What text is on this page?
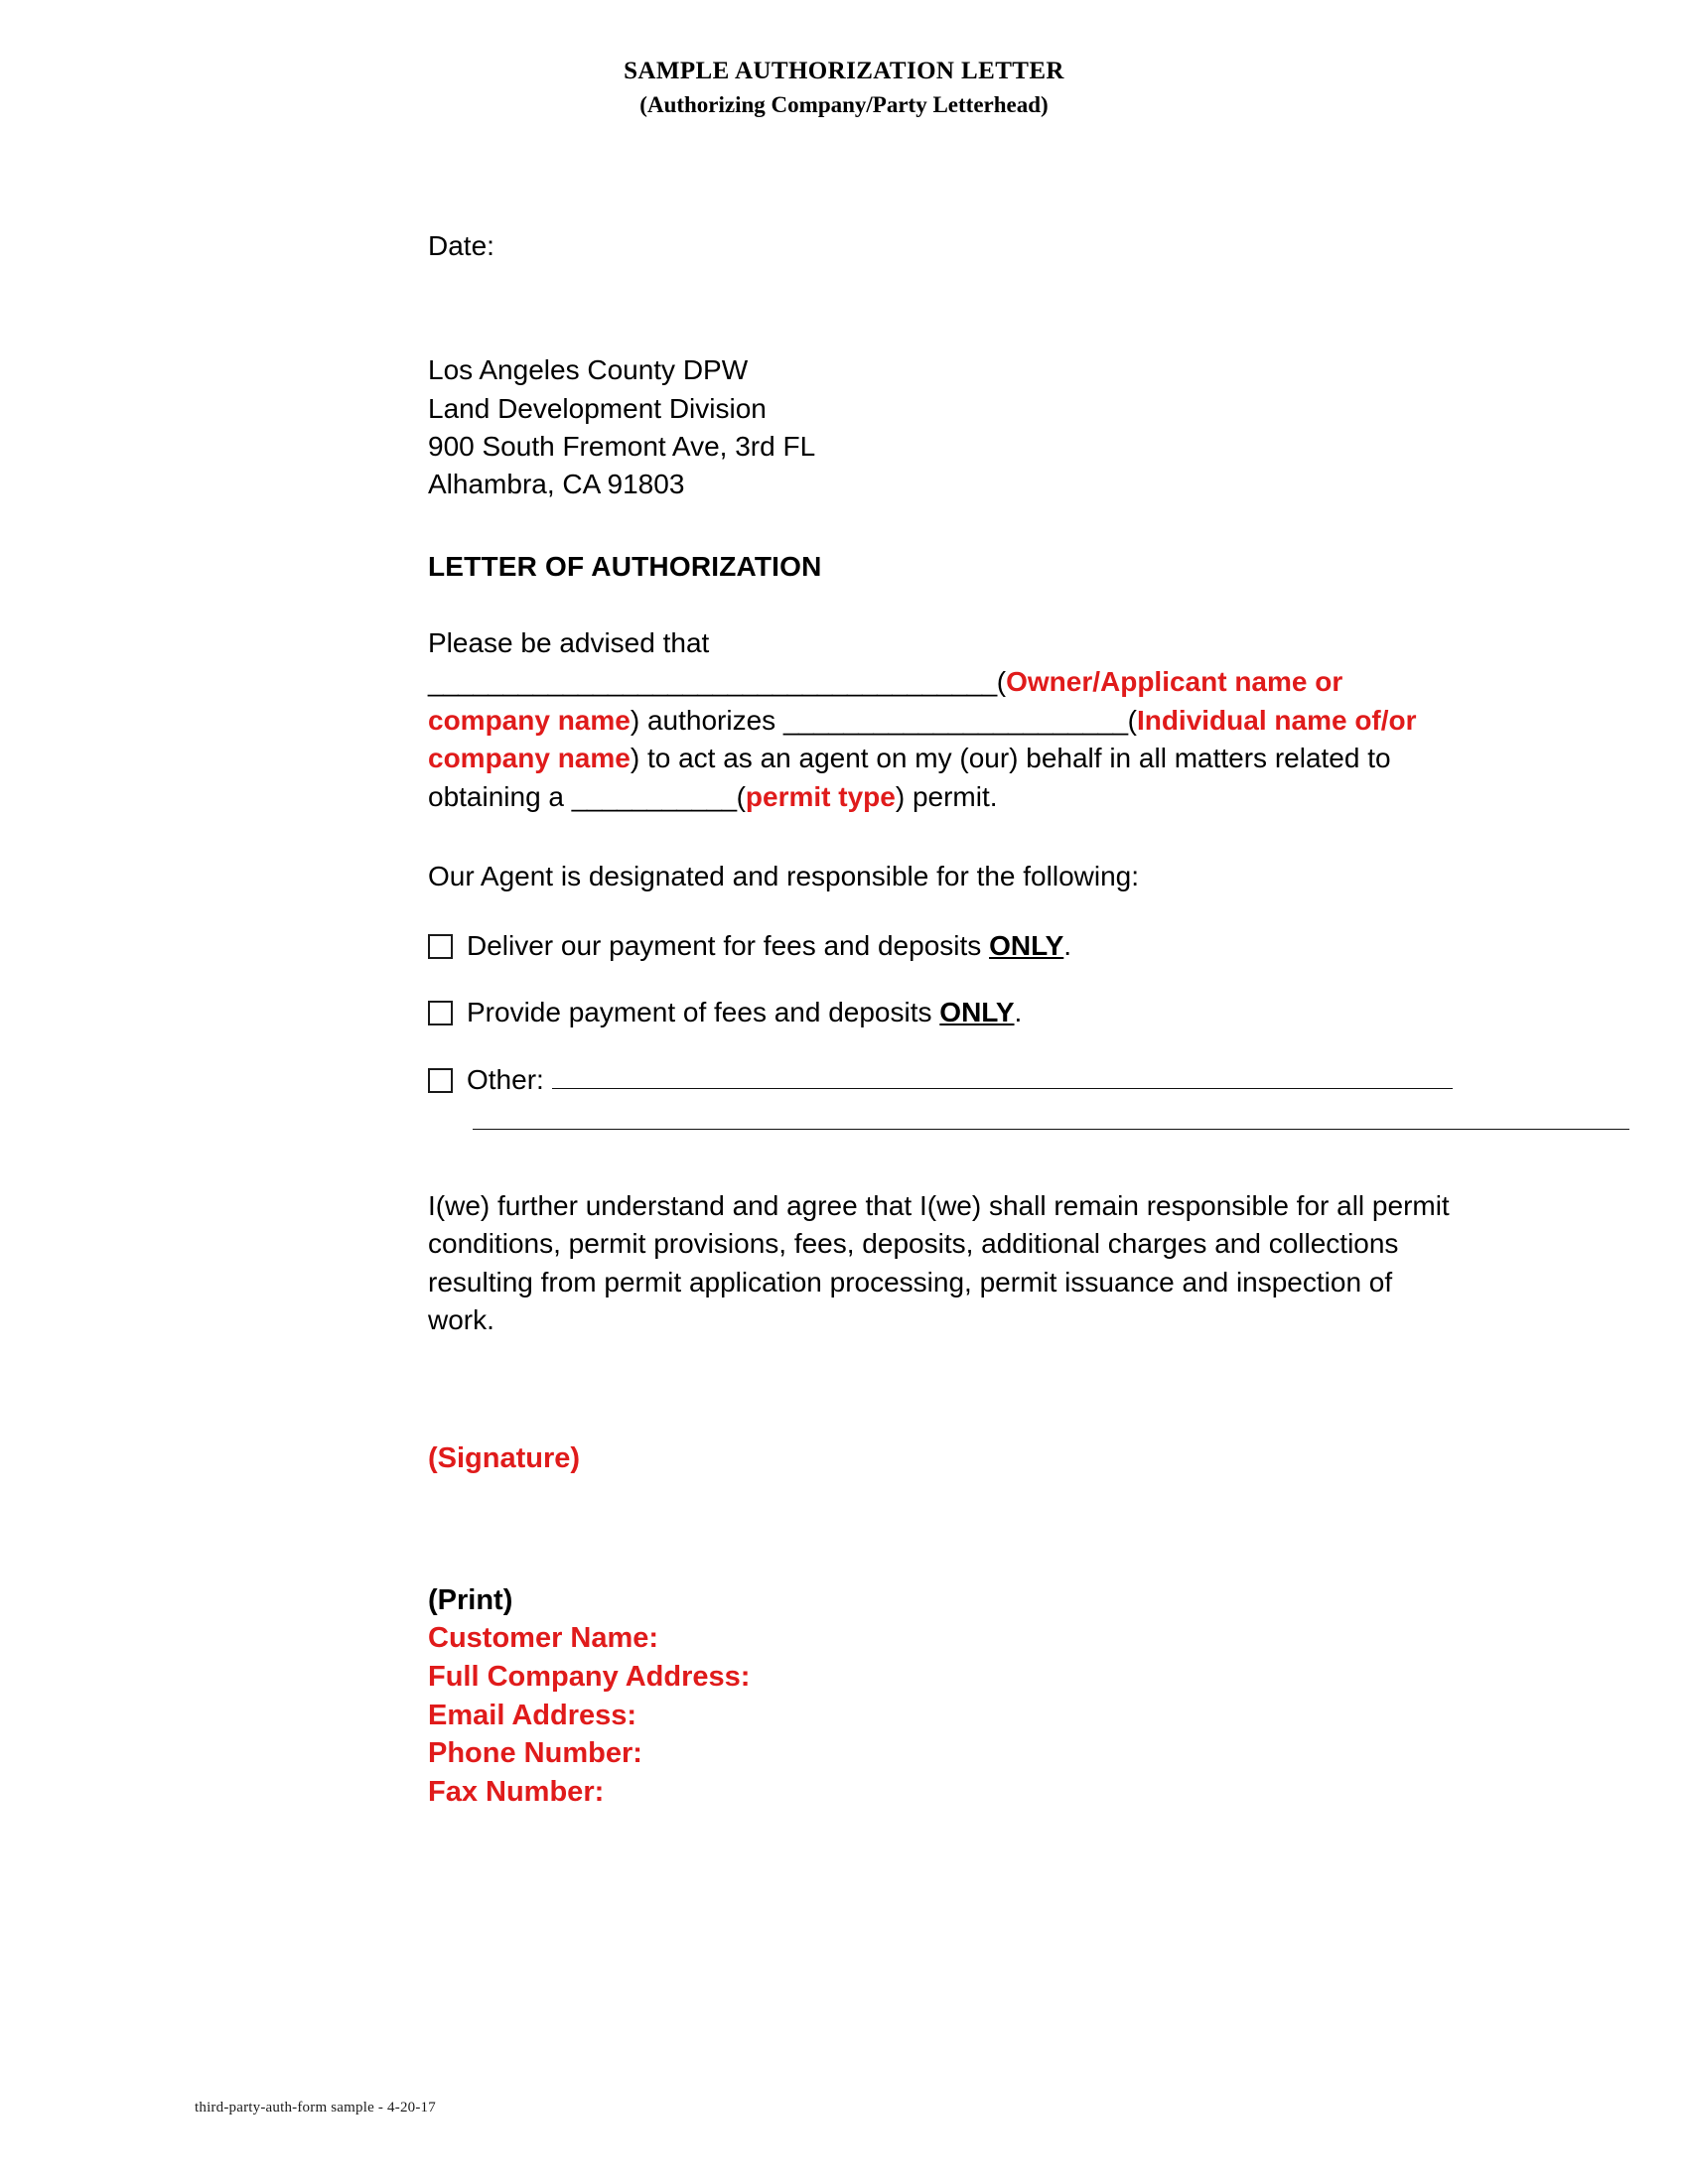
SAMPLE AUTHORIZATION LETTER
(Authorizing Company/Party Letterhead)
Date:
Los Angeles County DPW
Land Development Division
900 South Fremont Ave, 3rd FL
Alhambra, CA 91803
LETTER OF AUTHORIZATION
Please be advised that ______________________________________(Owner/Applicant name or company name) authorizes _______________________(Individual name of/or company name) to act as an agent on my (our) behalf in all matters related to obtaining a ___________(permit type) permit.
Our Agent is designated and responsible for the following:
Deliver our payment for fees and deposits ONLY.
Provide payment of fees and deposits ONLY.
Other:
I(we) further understand and agree that I(we) shall remain responsible for all permit conditions, permit provisions, fees, deposits, additional charges and collections resulting from permit application processing, permit issuance and inspection of work.
(Signature)
(Print)
Customer Name:
Full Company Address:
Email Address:
Phone Number:
Fax Number:
third-party-auth-form sample - 4-20-17
